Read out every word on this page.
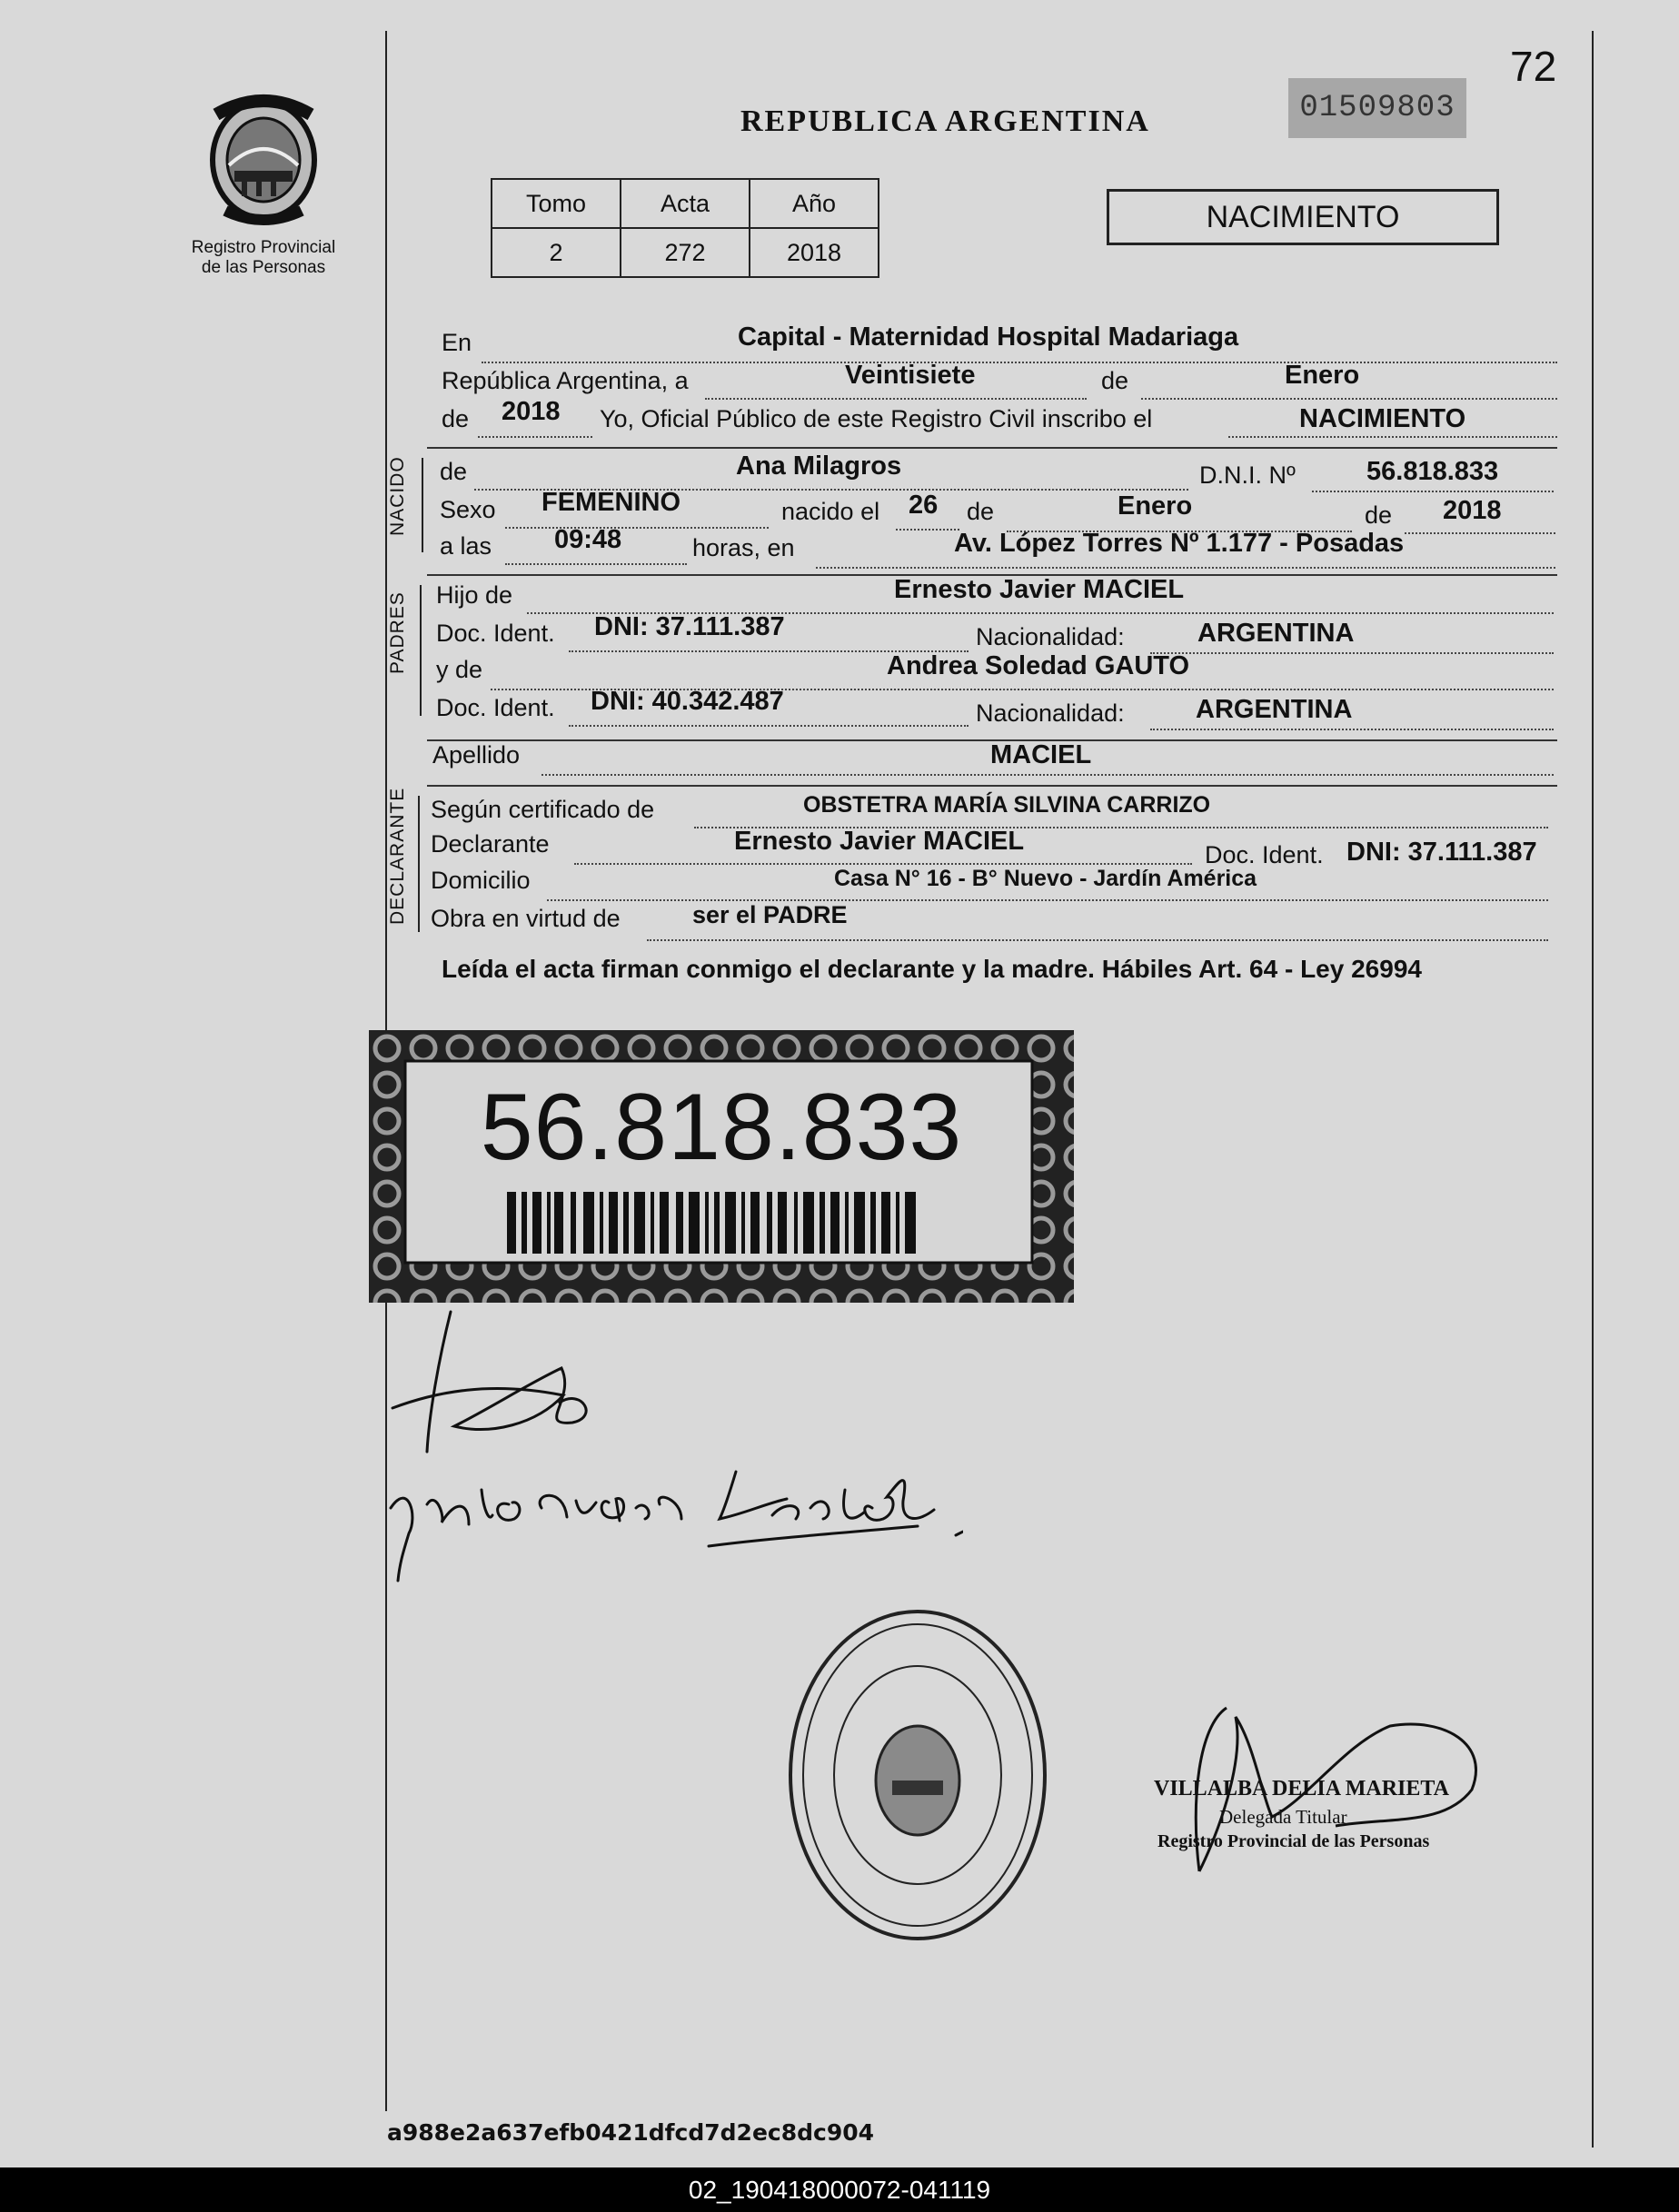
72
01509803
REPUBLICA ARGENTINA
Registro Provincial
de las Personas
Tomo	Acta	Año
2	272	2018
NACIMIENTO
En	Capital - Maternidad Hospital Madariaga
República Argentina, a	Veintisiete	de	Enero
de 2018 Yo, Oficial Público de este Registro Civil inscribo el	NACIMIENTO
NACIDO de	Ana Milagros	D.N.I. Nº	56.818.833
Sexo FEMENINO	nacido el 26 de	Enero	de 2018
a las 09:48	horas, en	Av. López Torres Nº 1.177 - Posadas
PADRES Hijo de	Ernesto Javier MACIEL
Doc. Ident. DNI: 37.111.387	Nacionalidad:	ARGENTINA
y de	Andrea Soledad GAUTO
Doc. Ident. DNI: 40.342.487	Nacionalidad:	ARGENTINA
Apellido	MACIEL
DECLARANTE Según certificado de	OBSTETRA MARÍA SILVINA CARRIZO
Declarante	Ernesto Javier MACIEL	Doc. Ident. DNI: 37.111.387
Domicilio	Casa N° 16 - B° Nuevo - Jardín América
Obra en virtud de	ser el PADRE
Leída el acta firman conmigo el declarante y la madre. Hábiles Art. 64 - Ley 26994
56.818.833
VILLALBA DELIA MARIETA
Delegada Titular
Registro Provincial de las Personas
a988e2a637efb0421dfcd7d2ec8dc904
02_190418000072-041119
